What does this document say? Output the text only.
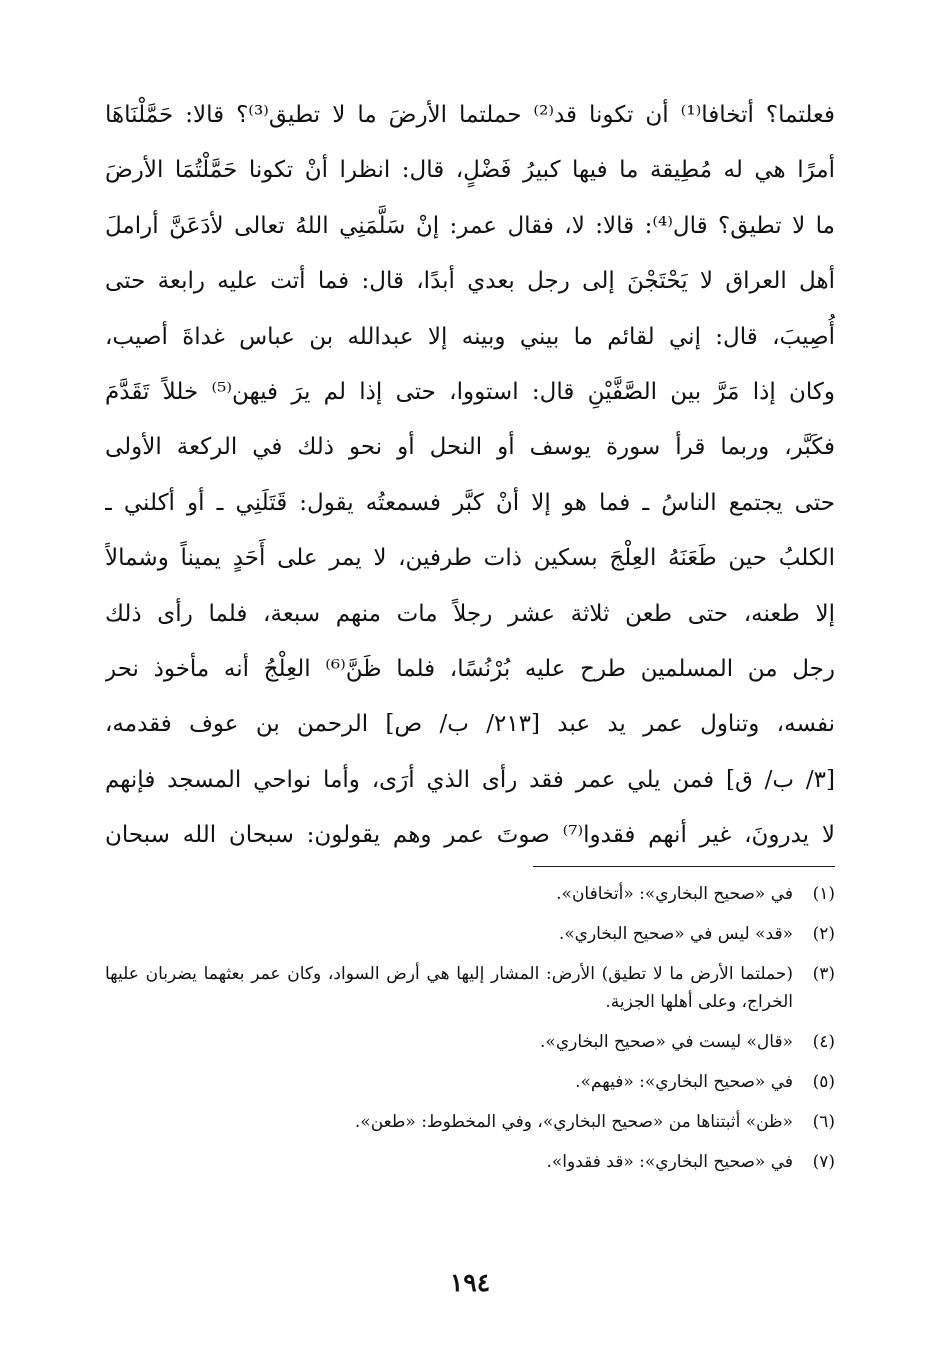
فعلتما؟ أتخافا⁽¹⁾ أن تكونا قد⁽²⁾ حملتما الأرضَ ما لا تطيق⁽³⁾؟ قالا: حَمَّلْنَاهَا
أمرًا هي له مُطِيقة ما فيها كبيرُ فَضْلٍ، قال: انظرا أنْ تكونا حَمَّلْتُمَا الأرضَ
ما لا تطيق؟ قال⁽⁴⁾: قالا: لا، فقال عمر: إنْ سَلَّمَنِي اللهُ تعالى لأدَعَنَّ أراملَ
أهل العراق لا يَحْتَجْنَ إلى رجل بعدي أبدًا، قال: فما أتت عليه رابعة حتى
أُصِيبَ، قال: إني لقائم ما بيني وبينه إلا عبدالله بن عباس غداةَ أصيب،
وكان إذا مَرَّ بين الصَّفَّيْنِ قال: استووا، حتى إذا لم يرَ فيهن⁽⁵⁾ خللاً تَقَدَّمَ
فكَبَّر، وربما قرأ سورة يوسف أو النحل أو نحو ذلك في الركعة الأولى
حتى يجتمع الناسُ ـ فما هو إلا أنْ كبَّر فسمعتُه يقول: قَتَلَنِي ـ أو أكلني ـ
الكلبُ حين طَعَنَهُ العِلْجَ بسكين ذات طرفين، لا يمر على أَحَدٍ يميناً وشمالاً
إلا طعنه، حتى طعن ثلاثة عشر رجلاً مات منهم سبعة، فلما رأى ذلك
رجل من المسلمين طرح عليه بُرْنُسًا، فلما ظَنَّ⁽⁶⁾ العِلْجُ أنه مأخوذ نحر
نفسه، وتناول عمر يد عبد [٢١٣/ ب/ ص] الرحمن بن عوف فقدمه،
[٣/ ب/ ق] فمن يلي عمر فقد رأى الذي أرَى، وأما نواحي المسجد فإنهم
لا يدرونَ، غير أنهم فقدوا⁽⁷⁾ صوتَ عمر وهم يقولون: سبحان الله سبحان
(١)
في «صحيح البخاري»: «أتخافان».
(٢)
«قد» ليس في «صحيح البخاري».
(٣)
(حملتما الأرض ما لا تطيق) الأرض: المشار إليها هي أرض السواد، وكان عمر بعثهما يضربان عليها الخراج، وعلى أهلها الجزية.
(٤)
«قال» ليست في «صحيح البخاري».
(٥)
في «صحيح البخاري»: «فيهم».
(٦)
«ظن» أثبتناها من «صحيح البخاري»، وفي المخطوط: «طعن».
(٧)
في «صحيح البخاري»: «قد فقدوا».
١٩٤
